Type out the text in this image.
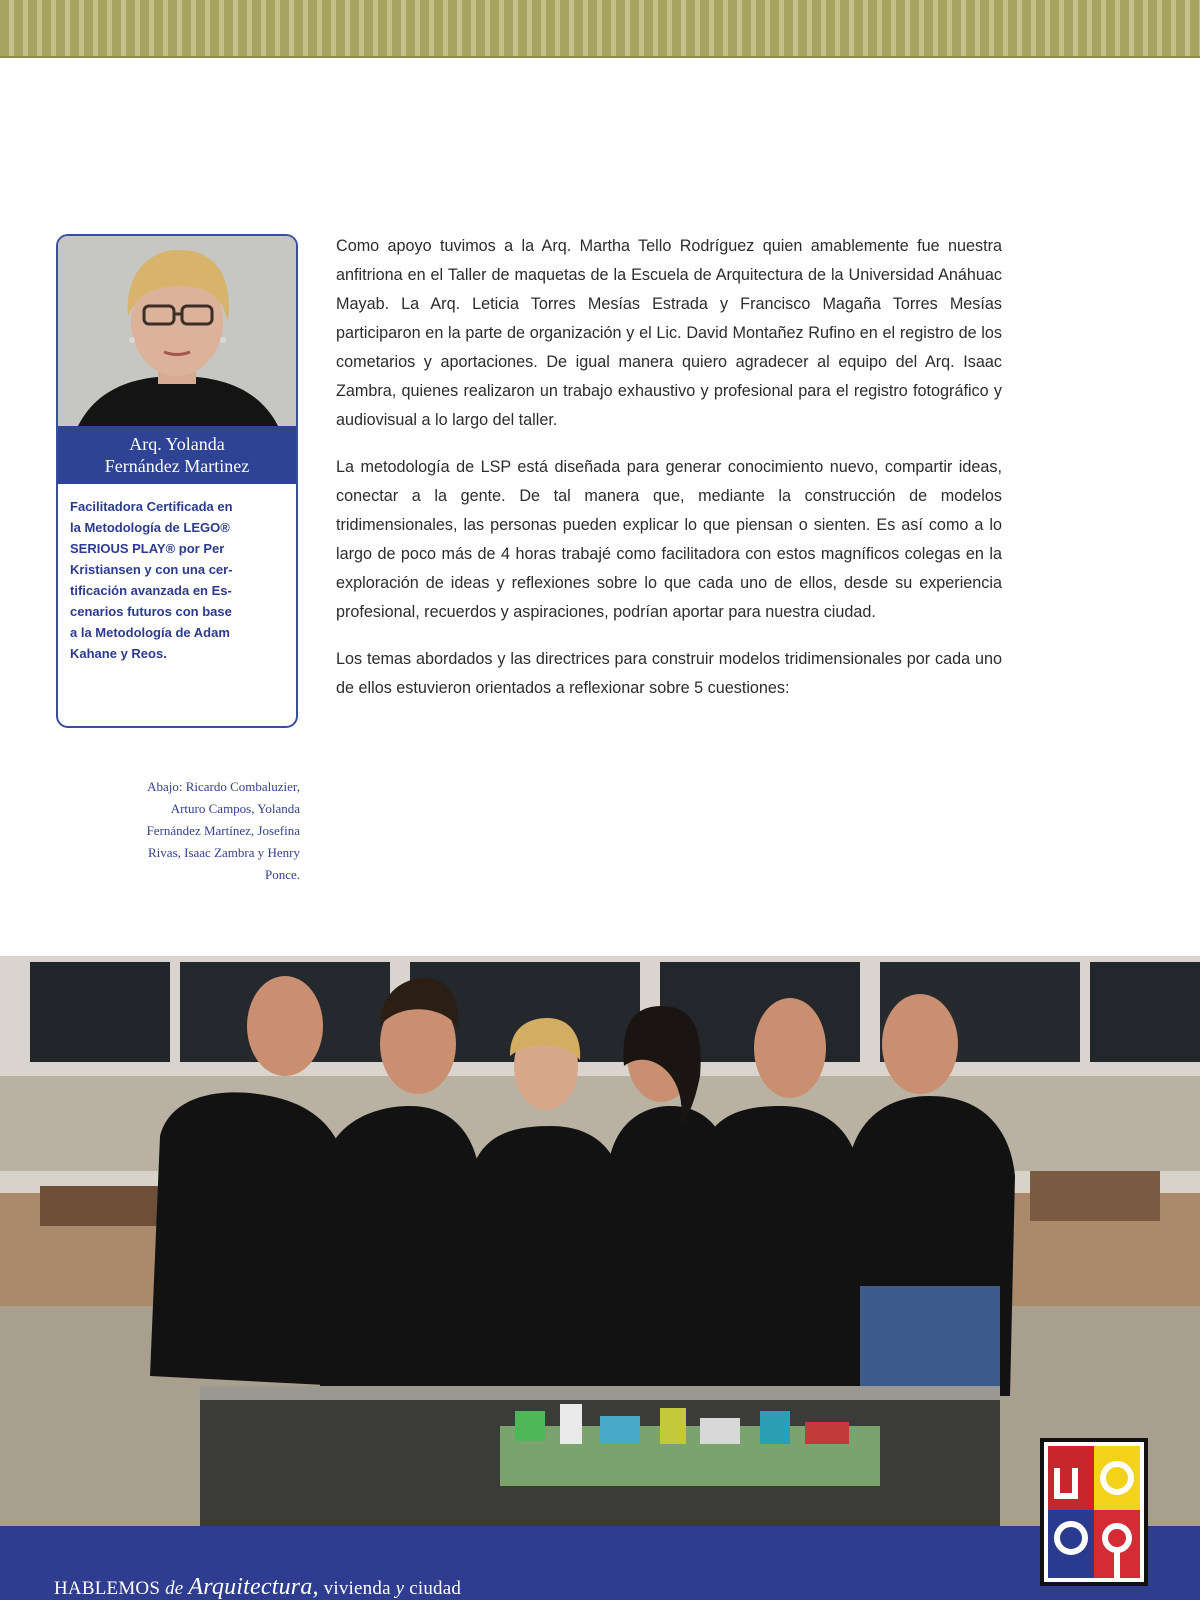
Arq. Yolanda
Fernández Martinez
Facilitadora Certificada en
la Metodología de LEGO®
SERIOUS PLAY® por Per
Kristiansen y con una cer-
tificación avanzada en Es-
cenarios futuros con base
a la Metodología de Adam
Kahane y Reos.
Abajo: Ricardo Combaluzier,
Arturo Campos, Yolanda
Fernández Martínez, Josefina
Rivas, Isaac Zambra y Henry
Ponce.

Como apoyo tuvimos a la Arq. Martha Tello Rodríguez quien amablemente fue nuestra anfitriona en el Taller de maquetas de la Escuela de Arquitectura de la Universidad Anáhuac Mayab. La Arq. Leticia Torres Mesías Estrada y Francisco Magaña Torres Mesías participaron en la parte de organización y el Lic. David Montañez Rufino en el registro de los cometarios y aportaciones. De igual manera quiero agradecer al equipo del Arq. Isaac Zambra, quienes realizaron un trabajo exhaustivo y profesional para el registro fotográfico y audiovisual a lo largo del taller.

La metodología de LSP está diseñada para generar conocimiento nuevo, compartir ideas, conectar a la gente. De tal manera que, mediante la construcción de modelos tridimensionales, las personas pueden explicar lo que piensan o sienten. Es así como a lo largo de poco más de 4 horas trabajé como facilitadora con estos magníficos colegas en la exploración de ideas y reflexiones sobre lo que cada uno de ellos, desde su experiencia profesional, recuerdos y aspiraciones, podrían aportar para nuestra ciudad.

Los temas abordados y las directrices para construir modelos tridimensionales por cada uno de ellos estuvieron orientados a reflexionar sobre 5 cuestiones:

HABLEMOS de Arquitectura, vivienda y ciudad
